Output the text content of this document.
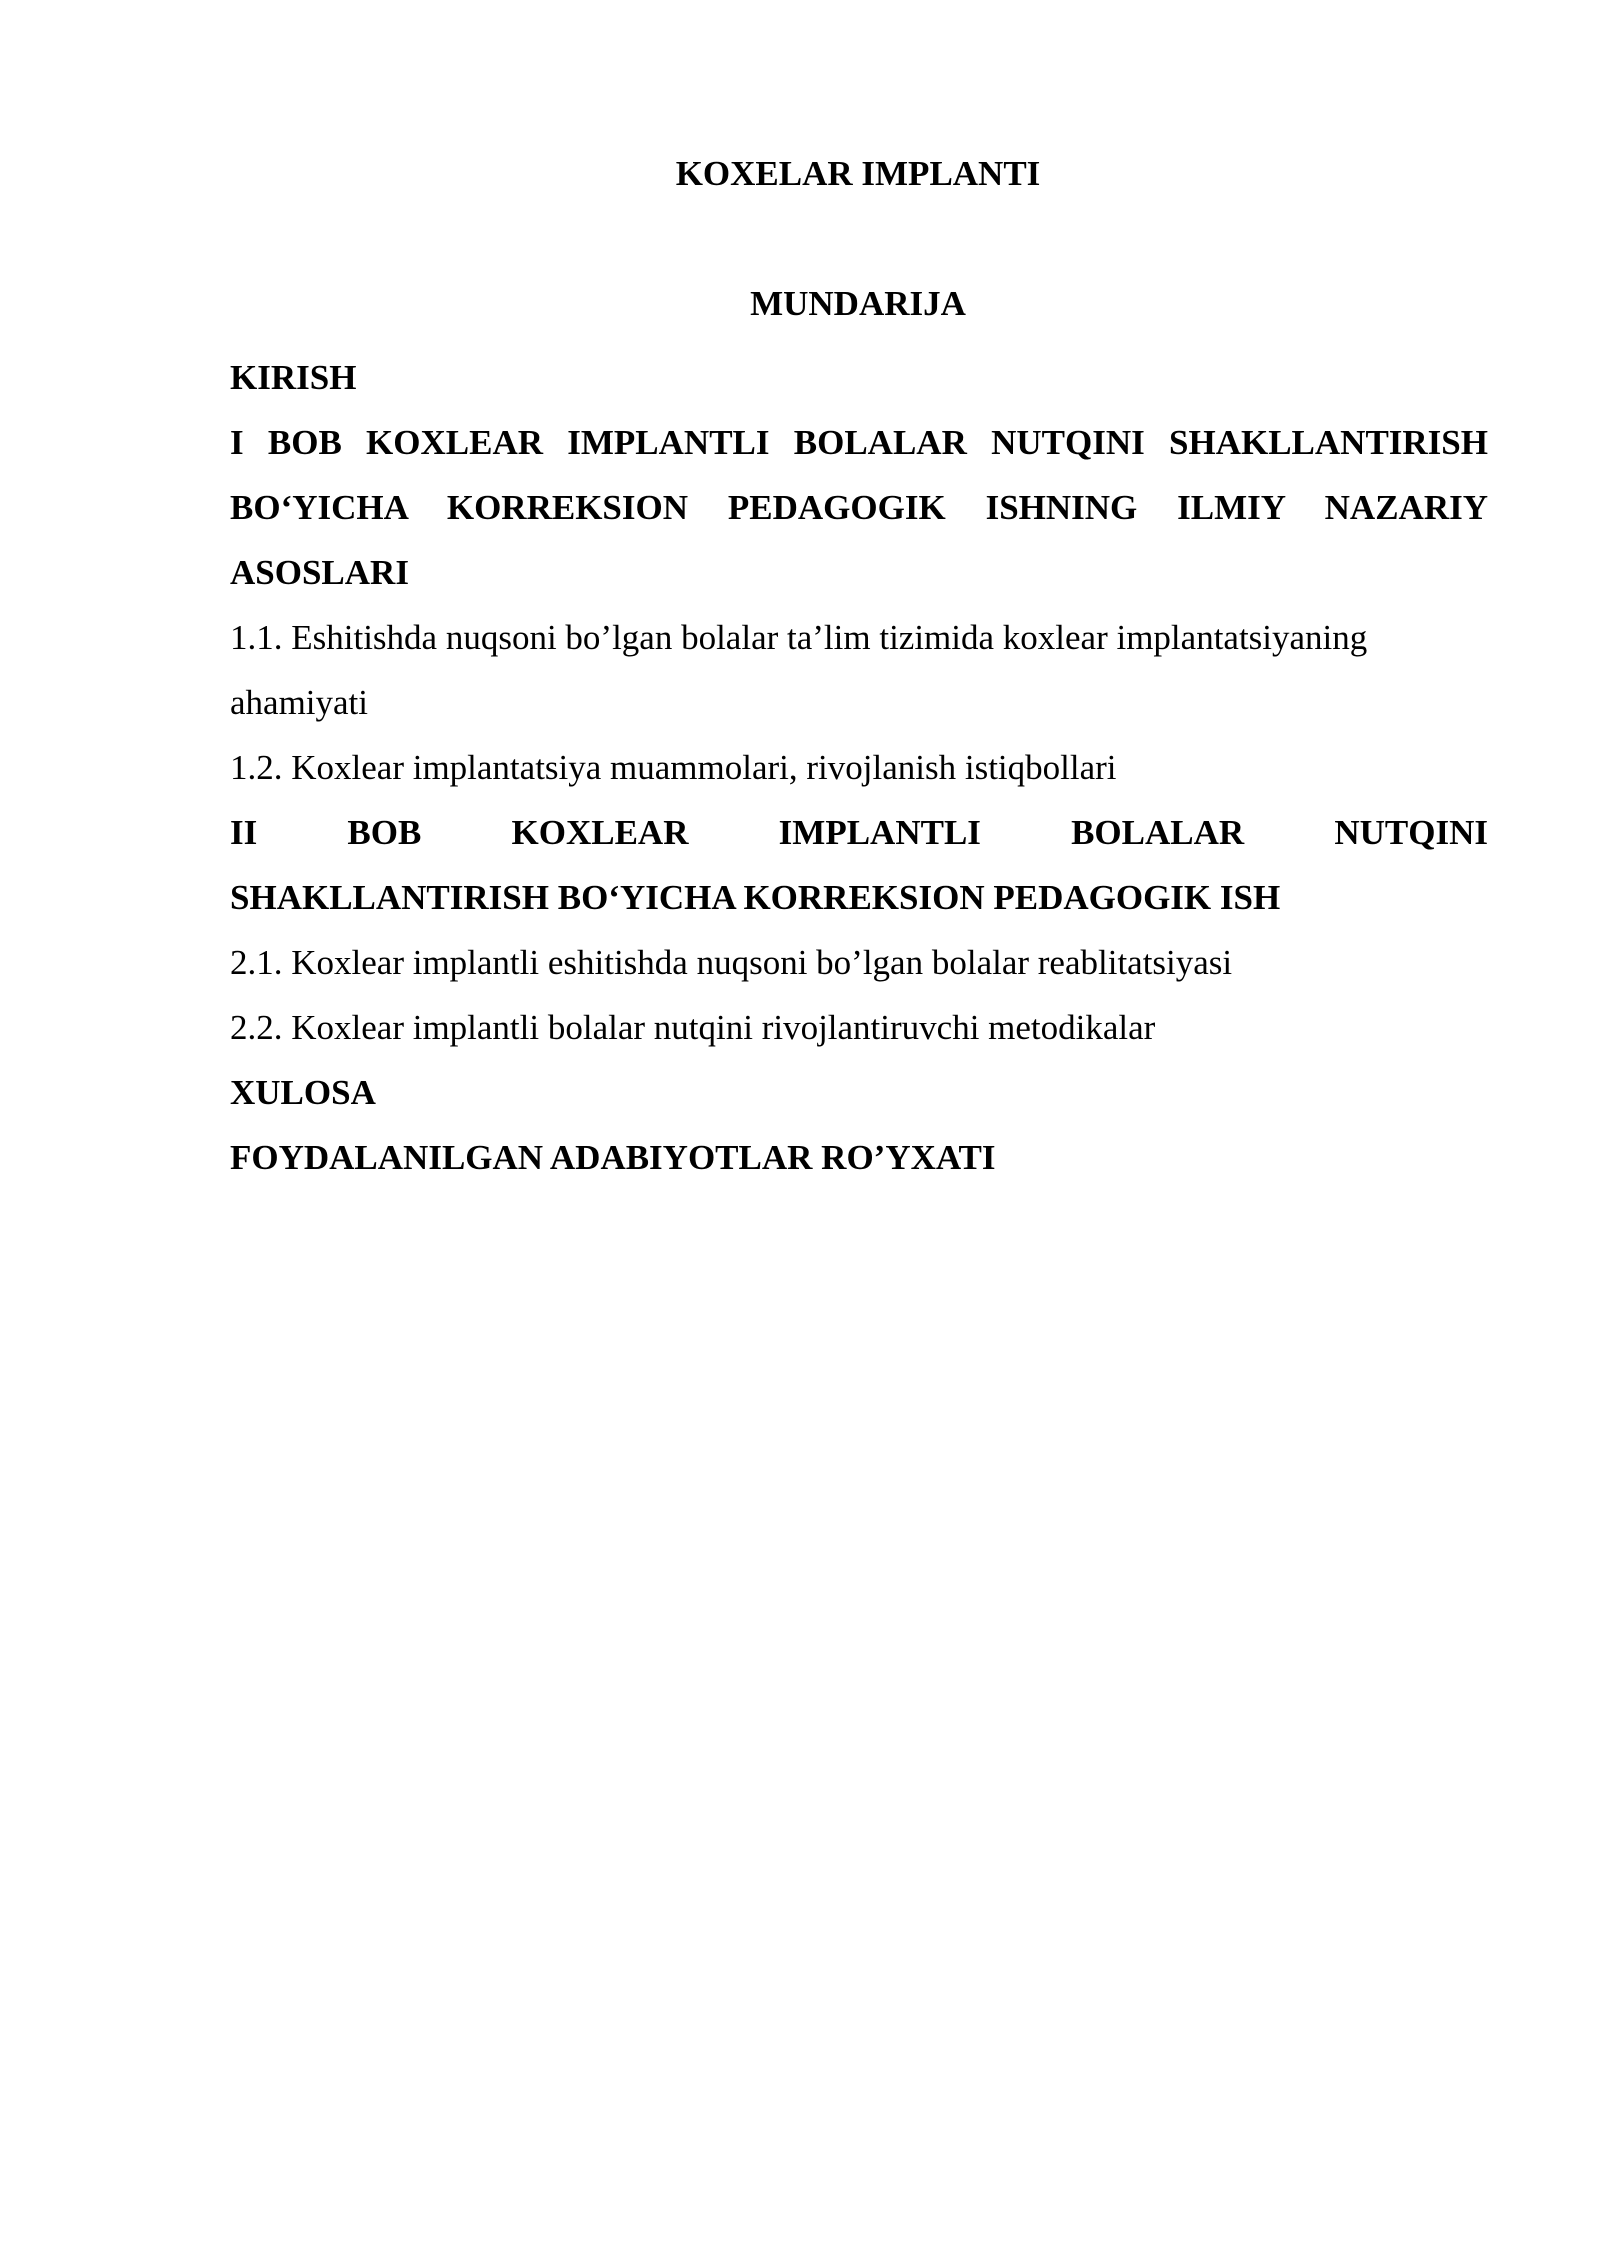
KOXELAR IMPLANTI
MUNDARIJA

KIRISH

I BOB KOXLEAR IMPLANTLI BOLALAR NUTQINI SHAKLLANTIRISH BO‘YICHA KORREKSION PEDAGOGIK ISHNING ILMIY NAZARIY ASOSLARI

1.1. Eshitishda nuqsoni bo’lgan bolalar ta’lim tizimida koxlear implantatsiyaning ahamiyati

1.2. Koxlear implantatsiya muammolari, rivojlanish istiqbollari

II BOB KOXLEAR IMPLANTLI BOLALAR NUTQINI

SHAKLLANTIRISH BO‘YICHA KORREKSION PEDAGOGIK ISH

2.1. Koxlear implantli eshitishda nuqsoni bo’lgan bolalar reablitatsiyasi

2.2. Koxlear implantli bolalar nutqini rivojlantiruvchi metodikalar

XULOSA

FOYDALANILGAN ADABIYOTLAR RO’YXATI
